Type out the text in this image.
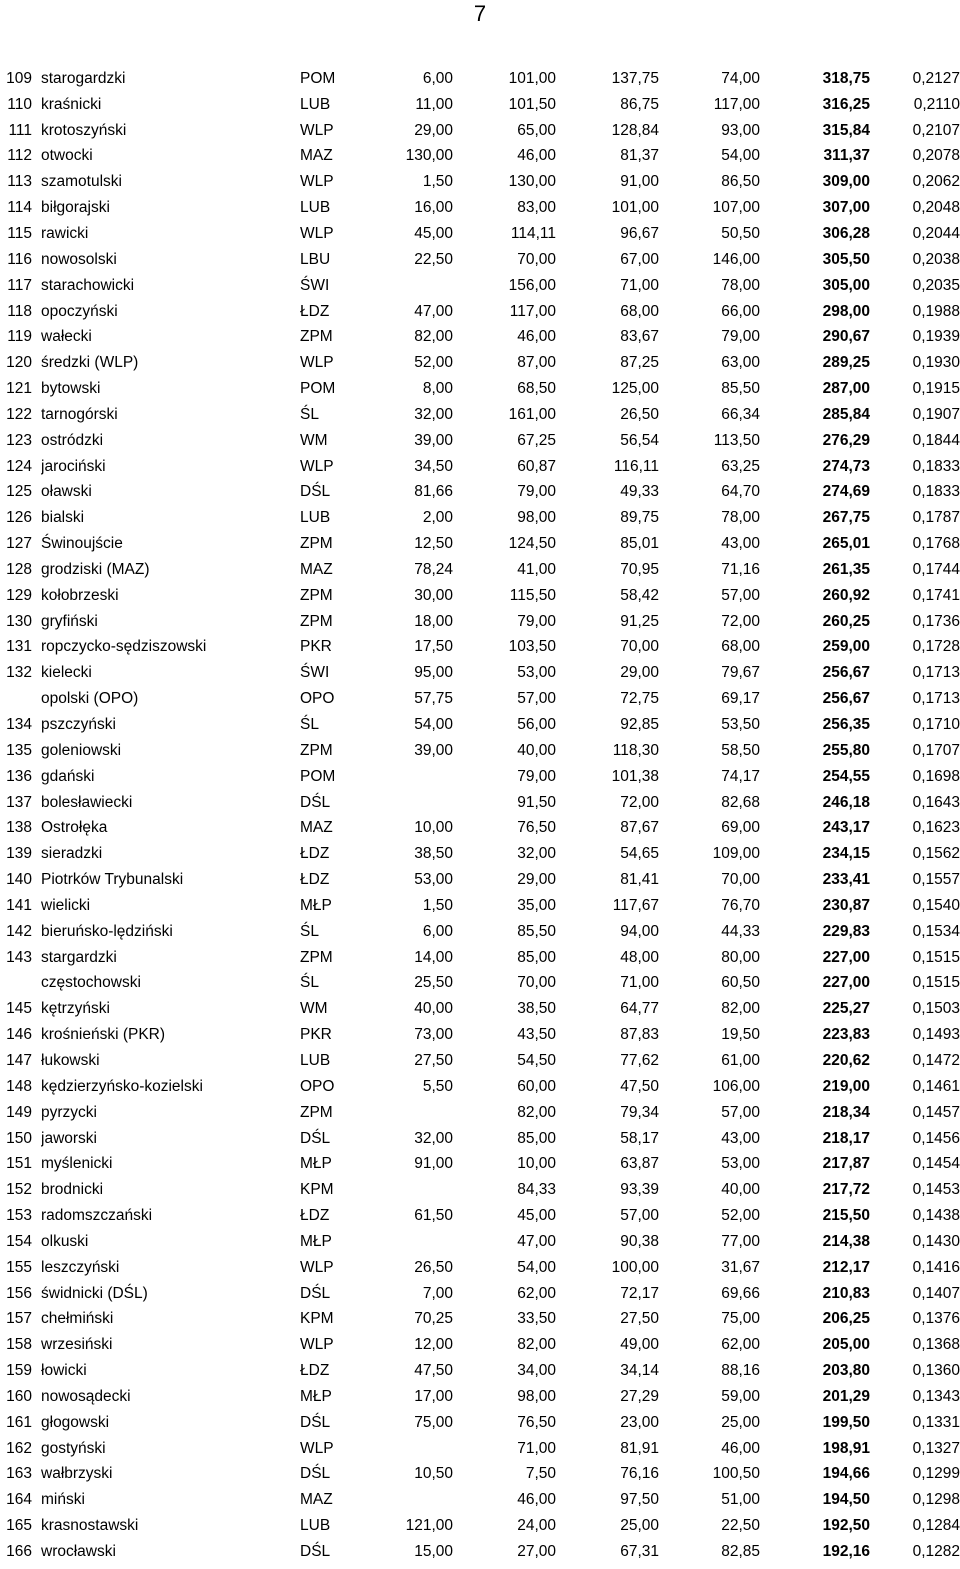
7
109	starogardzki	POM	6,00	101,00	137,75	74,00	318,75	0,2127
110	kraśnicki	LUB	11,00	101,50	86,75	117,00	316,25	0,2110
111	krotoszyński	WLP	29,00	65,00	128,84	93,00	315,84	0,2107
112	otwocki	MAZ	130,00	46,00	81,37	54,00	311,37	0,2078
113	szamotulski	WLP	1,50	130,00	91,00	86,50	309,00	0,2062
114	biłgorajski	LUB	16,00	83,00	101,00	107,00	307,00	0,2048
115	rawicki	WLP	45,00	114,11	96,67	50,50	306,28	0,2044
116	nowosolski	LBU	22,50	70,00	67,00	146,00	305,50	0,2038
117	starachowicki	ŚWI		156,00	71,00	78,00	305,00	0,2035
118	opoczyński	ŁDZ	47,00	117,00	68,00	66,00	298,00	0,1988
119	wałecki	ZPM	82,00	46,00	83,67	79,00	290,67	0,1939
120	średzki (WLP)	WLP	52,00	87,00	87,25	63,00	289,25	0,1930
121	bytowski	POM	8,00	68,50	125,00	85,50	287,00	0,1915
122	tarnogórski	ŚL	32,00	161,00	26,50	66,34	285,84	0,1907
123	ostródzki	WM	39,00	67,25	56,54	113,50	276,29	0,1844
124	jarociński	WLP	34,50	60,87	116,11	63,25	274,73	0,1833
125	oławski	DŚL	81,66	79,00	49,33	64,70	274,69	0,1833
126	bialski	LUB	2,00	98,00	89,75	78,00	267,75	0,1787
127	Świnoujście	ZPM	12,50	124,50	85,01	43,00	265,01	0,1768
128	grodziski (MAZ)	MAZ	78,24	41,00	70,95	71,16	261,35	0,1744
129	kołobrzeski	ZPM	30,00	115,50	58,42	57,00	260,92	0,1741
130	gryfiński	ZPM	18,00	79,00	91,25	72,00	260,25	0,1736
131	ropczycko-sędziszowski	PKR	17,50	103,50	70,00	68,00	259,00	0,1728
132	kielecki	ŚWI	95,00	53,00	29,00	79,67	256,67	0,1713
	opolski (OPO)	OPO	57,75	57,00	72,75	69,17	256,67	0,1713
134	pszczyński	ŚL	54,00	56,00	92,85	53,50	256,35	0,1710
135	goleniowski	ZPM	39,00	40,00	118,30	58,50	255,80	0,1707
136	gdański	POM		79,00	101,38	74,17	254,55	0,1698
137	bolesławiecki	DŚL		91,50	72,00	82,68	246,18	0,1643
138	Ostrołęka	MAZ	10,00	76,50	87,67	69,00	243,17	0,1623
139	sieradzki	ŁDZ	38,50	32,00	54,65	109,00	234,15	0,1562
140	Piotrków Trybunalski	ŁDZ	53,00	29,00	81,41	70,00	233,41	0,1557
141	wielicki	MŁP	1,50	35,00	117,67	76,70	230,87	0,1540
142	bieruńsko-lędziński	ŚL	6,00	85,50	94,00	44,33	229,83	0,1534
143	stargardzki	ZPM	14,00	85,00	48,00	80,00	227,00	0,1515
	częstochowski	ŚL	25,50	70,00	71,00	60,50	227,00	0,1515
145	kętrzyński	WM	40,00	38,50	64,77	82,00	225,27	0,1503
146	krośnieński (PKR)	PKR	73,00	43,50	87,83	19,50	223,83	0,1493
147	łukowski	LUB	27,50	54,50	77,62	61,00	220,62	0,1472
148	kędzierzyńsko-kozielski	OPO	5,50	60,00	47,50	106,00	219,00	0,1461
149	pyrzycki	ZPM		82,00	79,34	57,00	218,34	0,1457
150	jaworski	DŚL	32,00	85,00	58,17	43,00	218,17	0,1456
151	myślenicki	MŁP	91,00	10,00	63,87	53,00	217,87	0,1454
152	brodnicki	KPM		84,33	93,39	40,00	217,72	0,1453
153	radomszczański	ŁDZ	61,50	45,00	57,00	52,00	215,50	0,1438
154	olkuski	MŁP		47,00	90,38	77,00	214,38	0,1430
155	leszczyński	WLP	26,50	54,00	100,00	31,67	212,17	0,1416
156	świdnicki (DŚL)	DŚL	7,00	62,00	72,17	69,66	210,83	0,1407
157	chełmiński	KPM	70,25	33,50	27,50	75,00	206,25	0,1376
158	wrzesiński	WLP	12,00	82,00	49,00	62,00	205,00	0,1368
159	łowicki	ŁDZ	47,50	34,00	34,14	88,16	203,80	0,1360
160	nowosądecki	MŁP	17,00	98,00	27,29	59,00	201,29	0,1343
161	głogowski	DŚL	75,00	76,50	23,00	25,00	199,50	0,1331
162	gostyński	WLP		71,00	81,91	46,00	198,91	0,1327
163	wałbrzyski	DŚL	10,50	7,50	76,16	100,50	194,66	0,1299
164	miński	MAZ		46,00	97,50	51,00	194,50	0,1298
165	krasnostawski	LUB	121,00	24,00	25,00	22,50	192,50	0,1284
166	wrocławski	DŚL	15,00	27,00	67,31	82,85	192,16	0,1282
